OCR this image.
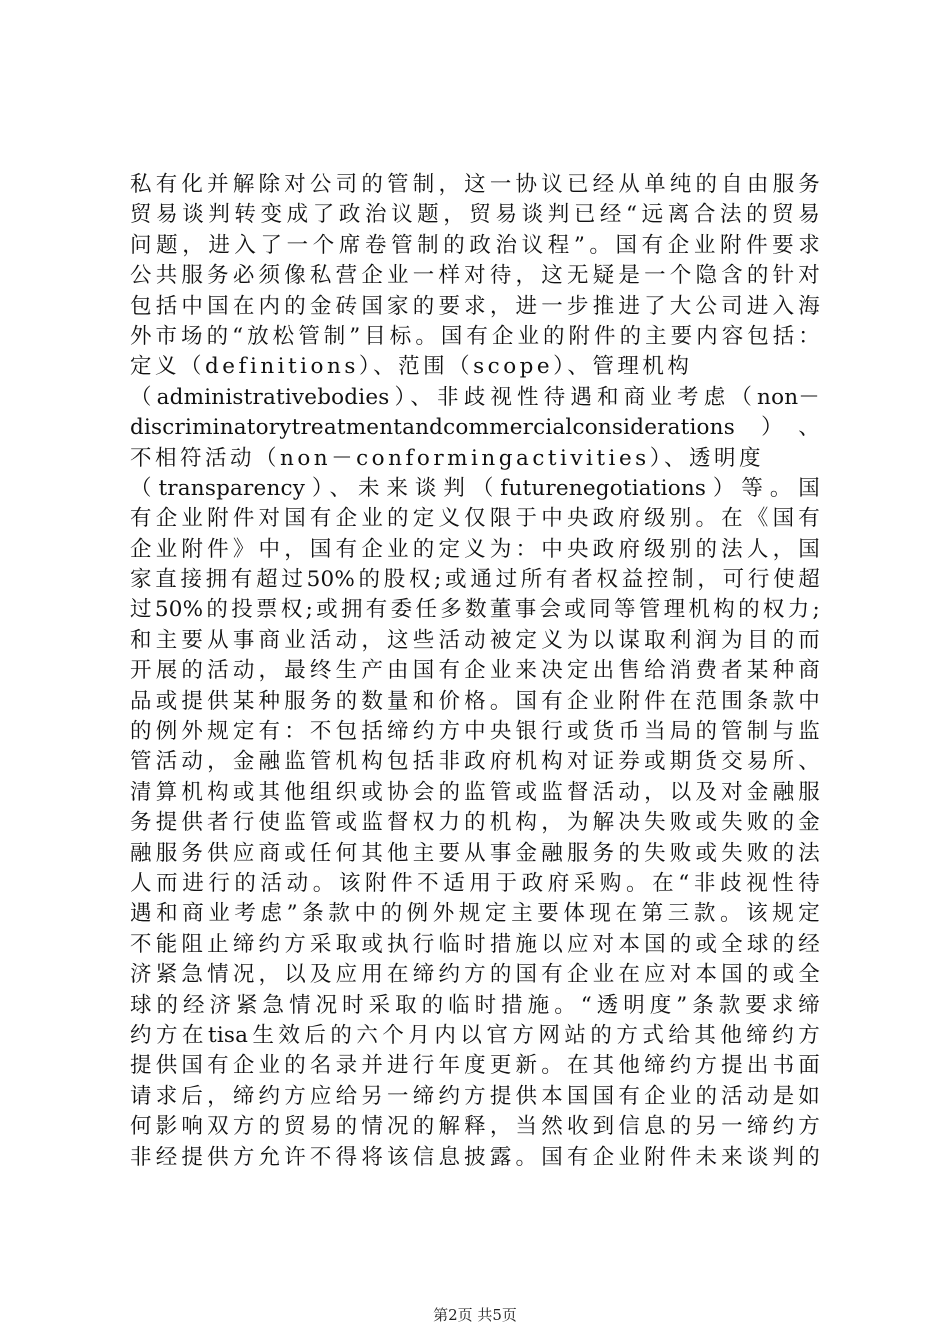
私有化并解除对公司的管制，这一协议已经从单纯的自由服务
贸易谈判转变成了政治议题，贸易谈判已经“远离合法的贸易
问题，进入了一个席卷管制的政治议程”。国有企业附件要求
公共服务必须像私营企业一样对待，这无疑是一个隐含的针对
包括中国在内的金砖国家的要求，进一步推进了大公司进入海
外市场的“放松管制”目标。国有企业的附件的主要内容包括：
定义（definitions）、范围（scope）、管理机构
（administrativebodies）、非歧视性待遇和商业考虑（non－
discriminatorytreatmentandcommercialconsiderations）、
不相符活动（non－conformingactivities）、透明度
（transparency）、未来谈判（futurenegotiations）等。国
有企业附件对国有企业的定义仅限于中央政府级别。在《国有
企业附件》中，国有企业的定义为：中央政府级别的法人，国
家直接拥有超过50%的股权;或通过所有者权益控制，可行使超
过50%的投票权;或拥有委任多数董事会或同等管理机构的权力;
和主要从事商业活动，这些活动被定义为以谋取利润为目的而
开展的活动，最终生产由国有企业来决定出售给消费者某种商
品或提供某种服务的数量和价格。国有企业附件在范围条款中
的例外规定有：不包括缔约方中央银行或货币当局的管制与监
管活动，金融监管机构包括非政府机构对证券或期货交易所、
清算机构或其他组织或协会的监管或监督活动，以及对金融服
务提供者行使监管或监督权力的机构，为解决失败或失败的金
融服务供应商或任何其他主要从事金融服务的失败或失败的法
人而进行的活动。该附件不适用于政府采购。在“非歧视性待
遇和商业考虑”条款中的例外规定主要体现在第三款。该规定
不能阻止缔约方采取或执行临时措施以应对本国的或全球的经
济紧急情况，以及应用在缔约方的国有企业在应对本国的或全
球的经济紧急情况时采取的临时措施。“透明度”条款要求缔
约方在tisa生效后的六个月内以官方网站的方式给其他缔约方
提供国有企业的名录并进行年度更新。在其他缔约方提出书面
请求后，缔约方应给另一缔约方提供本国国有企业的活动是如
何影响双方的贸易的情况的解释，当然收到信息的另一缔约方
非经提供方允许不得将该信息披露。国有企业附件未来谈判的
第2页 共5页
